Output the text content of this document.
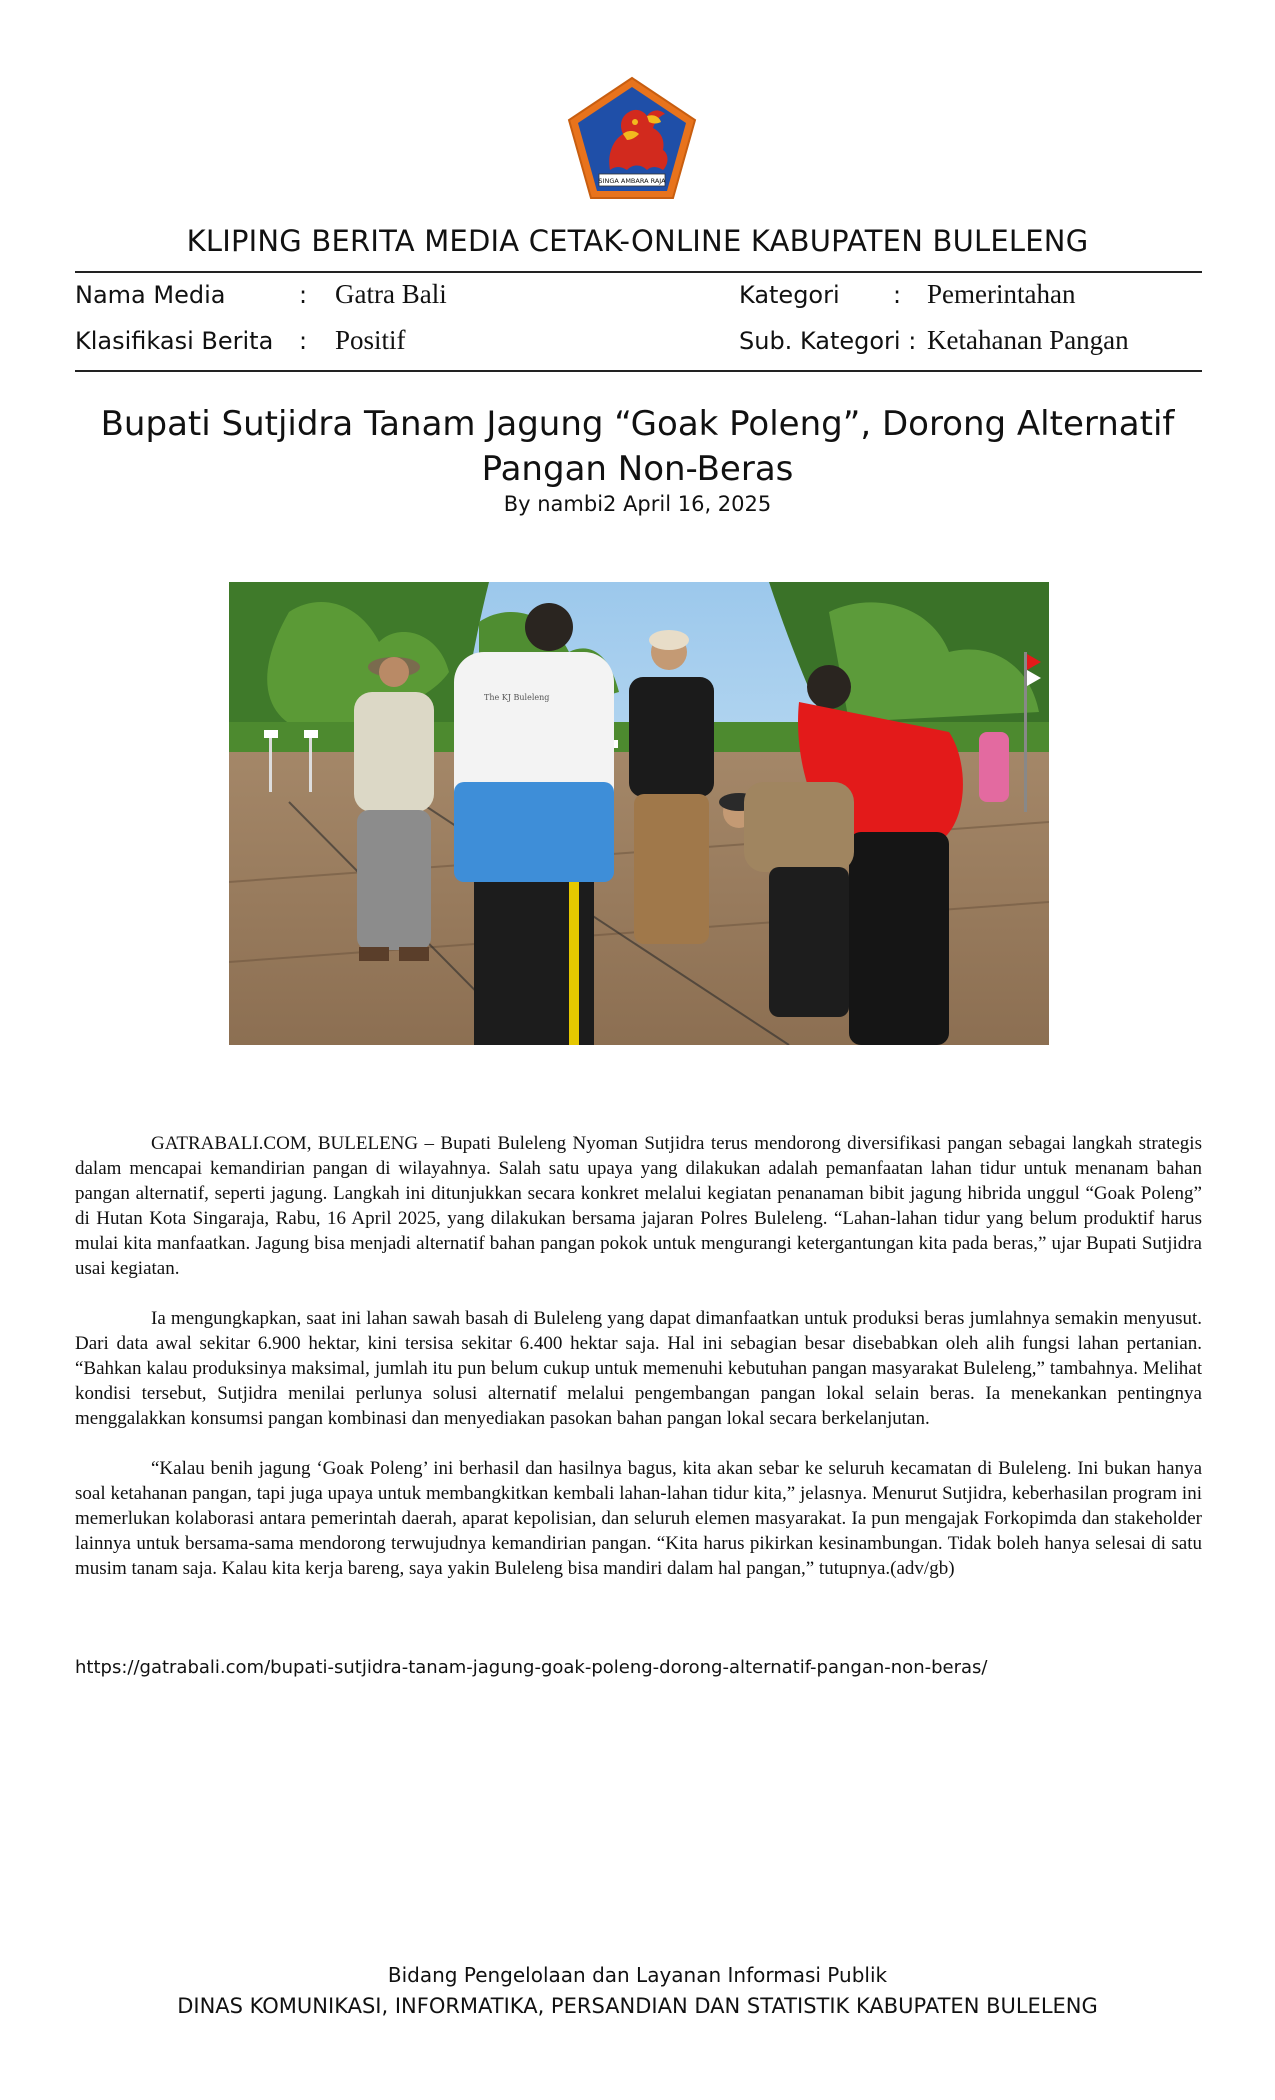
SINGA AMBARA RAJA
KLIPING BERITA MEDIA CETAK-ONLINE KABUPATEN BULELENG
Nama Media	: Gatra Bali	Kategori : Pemerintahan
Klasifikasi Berita : Positif	Sub. Kategori : Ketahanan Pangan
Bupati Sutjidra Tanam Jagung “Goak Poleng”, Dorong Alternatif Pangan Non-Beras
By nambi2 April 16, 2025
The KJ Buleleng

GATRABALI.COM, BULELENG – Bupati Buleleng Nyoman Sutjidra terus mendorong diversifikasi pangan sebagai langkah strategis dalam mencapai kemandirian pangan di wilayahnya. Salah satu upaya yang dilakukan adalah pemanfaatan lahan tidur untuk menanam bahan pangan alternatif, seperti jagung. Langkah ini ditunjukkan secara konkret melalui kegiatan penanaman bibit jagung hibrida unggul “Goak Poleng” di Hutan Kota Singaraja, Rabu, 16 April 2025, yang dilakukan bersama jajaran Polres Buleleng. “Lahan-lahan tidur yang belum produktif harus mulai kita manfaatkan. Jagung bisa menjadi alternatif bahan pangan pokok untuk mengurangi ketergantungan kita pada beras,” ujar Bupati Sutjidra usai kegiatan.

Ia mengungkapkan, saat ini lahan sawah basah di Buleleng yang dapat dimanfaatkan untuk produksi beras jumlahnya semakin menyusut. Dari data awal sekitar 6.900 hektar, kini tersisa sekitar 6.400 hektar saja. Hal ini sebagian besar disebabkan oleh alih fungsi lahan pertanian. “Bahkan kalau produksinya maksimal, jumlah itu pun belum cukup untuk memenuhi kebutuhan pangan masyarakat Buleleng,” tambahnya. Melihat kondisi tersebut, Sutjidra menilai perlunya solusi alternatif melalui pengembangan pangan lokal selain beras. Ia menekankan pentingnya menggalakkan konsumsi pangan kombinasi dan menyediakan pasokan bahan pangan lokal secara berkelanjutan.

“Kalau benih jagung ‘Goak Poleng’ ini berhasil dan hasilnya bagus, kita akan sebar ke seluruh kecamatan di Buleleng. Ini bukan hanya soal ketahanan pangan, tapi juga upaya untuk membangkitkan kembali lahan-lahan tidur kita,” jelasnya. Menurut Sutjidra, keberhasilan program ini memerlukan kolaborasi antara pemerintah daerah, aparat kepolisian, dan seluruh elemen masyarakat. Ia pun mengajak Forkopimda dan stakeholder lainnya untuk bersama-sama mendorong terwujudnya kemandirian pangan. “Kita harus pikirkan kesinambungan. Tidak boleh hanya selesai di satu musim tanam saja. Kalau kita kerja bareng, saya yakin Buleleng bisa mandiri dalam hal pangan,” tutupnya.(adv/gb)

https://gatrabali.com/bupati-sutjidra-tanam-jagung-goak-poleng-dorong-alternatif-pangan-non-beras/
Bidang Pengelolaan dan Layanan Informasi Publik
DINAS KOMUNIKASI, INFORMATIKA, PERSANDIAN DAN STATISTIK KABUPATEN BULELENG
